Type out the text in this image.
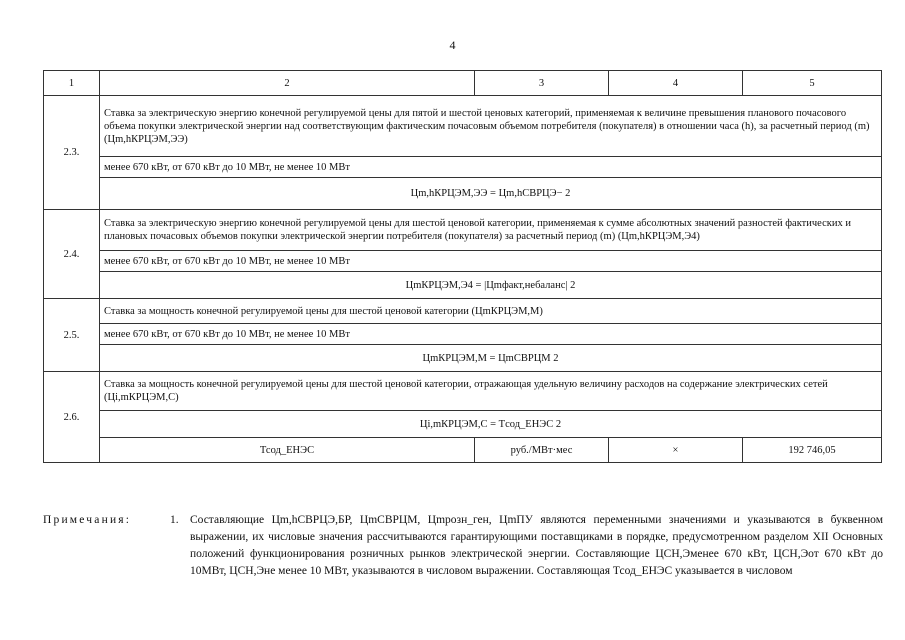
4
1	2	3	4	5
2.3.	Ставка за электрическую энергию конечной регулируемой цены для пятой и шестой ценовых категорий, применяемая к величине превышения планового почасового объема покупки электрической энергии над соответствующим фактическим почасовым объемом потребителя (покупателя) в отношении часа (h), за расчетный период (m) (Цm,hКРЦЭМ,ЭЭ)			
	менее 670 кВт, от 670 кВт до 10 МВт, не менее 10 МВт			
	Цm,hКРЦЭМ,ЭЭ = Цm,hСВРЦЭ− 2			
2.4.	Ставка за электрическую энергию конечной регулируемой цены для шестой ценовой категории, применяемая к сумме абсолютных значений разностей фактических и плановых почасовых объемов покупки электрической энергии потребителя (покупателя) за расчетный период (m) (Цm,hКРЦЭМ,Э4)			
	менее 670 кВт, от 670 кВт до 10 МВт, не менее 10 МВт			
	ЦmКРЦЭМ,Э4 = |Цmфакт,небаланс| 2			
2.5.	Ставка за мощность конечной регулируемой цены для шестой ценовой категории (ЦmКРЦЭМ,М)			
	менее 670 кВт, от 670 кВт до 10 МВт, не менее 10 МВт			
	ЦmКРЦЭМ,М = ЦmСВРЦМ 2			
2.6.	Ставка за мощность конечной регулируемой цены для шестой ценовой категории, отражающая удельную величину расходов на содержание электрических сетей (Цi,mКРЦЭМ,С)			
	Цi,mКРЦЭМ,С = Tсод_ЕНЭС 2			
	Тсод_ЕНЭС	руб./МВт·мес	×	192 746,05
Примечания:	1. Составляющие Цm,hСВРЦЭ,БР, ЦmСВРЦМ, Цmрозн_ген, ЦmПУ являются переменными значениями и указываются в буквенном выражении, их числовые значения рассчитываются гарантирующими поставщиками в порядке, предусмотренном разделом XII Основных положений функционирования розничных рынков электрической энергии. Составляющие ЦСН,Эменее 670 кВт, ЦСН,Эот 670 кВт до 10МВт, ЦСН,Эне менее 10 МВт, указываются в числовом выражении. Составляющая Тсод_ЕНЭС указывается в числовом
